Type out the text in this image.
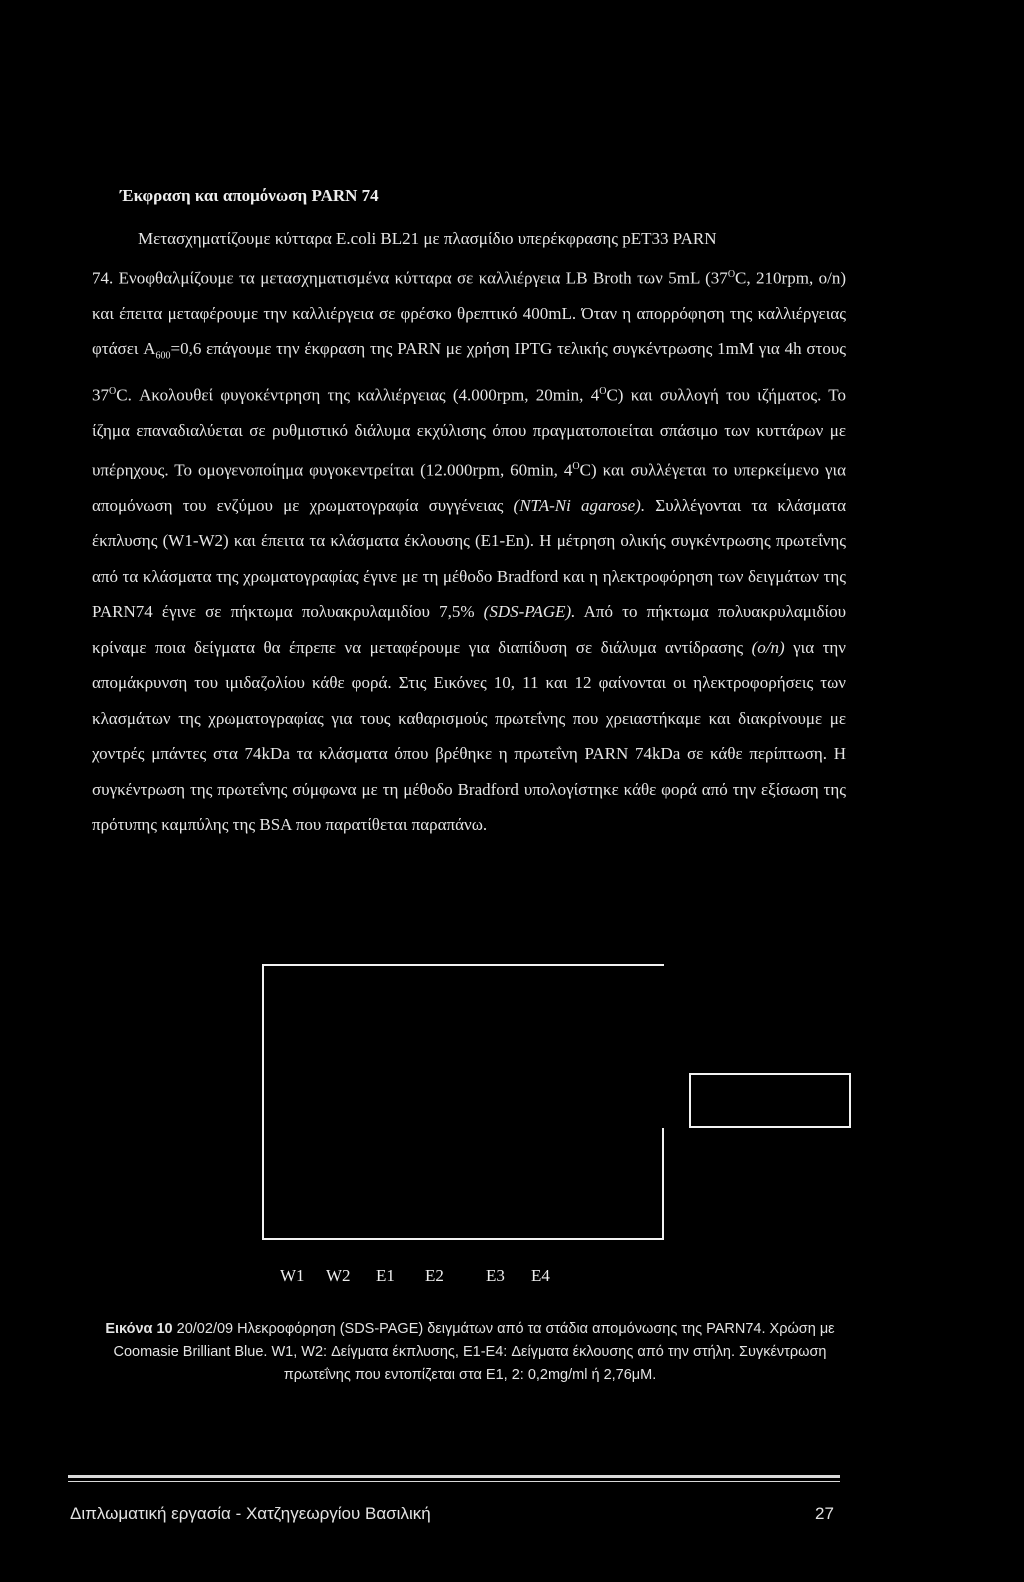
Έκφραση και απομόνωση PARN 74
Μετασχηματίζουμε κύτταρα E.coli BL21 με πλασμίδιο υπερέκφρασης pET33 PARN
74. Ενοφθαλμίζουμε τα μετασχηματισμένα κύτταρα σε καλλιέργεια LB Broth των 5mL ($37^OC$, 210rpm, o/n) και έπειτα μεταφέρουμε την καλλιέργεια σε φρέσκο θρεπτικό 400mL. Όταν η απορρόφηση της καλλιέργειας φτάσει $A_{600}=0,6$ επάγουμε την έκφραση της PARN με χρήση IPTG τελικής συγκέντρωσης 1mM για 4h στους $37^OC$. Ακολουθεί φυγοκέντρηση της καλλιέργειας (4.000rpm, 20min, $4^OC$) και συλλογή του ιζήματος. Το ίζημα επαναδιαλύεται σε ρυθμιστικό διάλυμα εκχύλισης όπου πραγματοποιείται σπάσιμο των κυττάρων με υπέρηχους. Το ομογενοποίημα φυγοκεντρείται (12.000rpm, 60min, $4^OC$) και συλλέγεται το υπερκείμενο για απομόνωση του ενζύμου με χρωματογραφία συγγένειας (NTA-Ni agarose). Συλλέγονται τα κλάσματα έκπλυσης (W1-W2) και έπειτα τα κλάσματα έκλουσης (E1-En). Η μέτρηση ολικής συγκέντρωσης πρωτεΐνης από τα κλάσματα της χρωματογραφίας έγινε με τη μέθοδο Bradford και η ηλεκτροφόρηση των δειγμάτων της PARN74 έγινε σε πήκτωμα πολυακρυλαμιδίου 7,5% (SDS-PAGE). Από το πήκτωμα πολυακρυλαμιδίου κρίναμε ποια δείγματα θα έπρεπε να μεταφέρουμε για διαπίδυση σε διάλυμα αντίδρασης (o/n) για την απομάκρυνση του ιμιδαζολίου κάθε φορά. Στις Εικόνες 10, 11 και 12 φαίνονται οι ηλεκτροφορήσεις των κλασμάτων της χρωματογραφίας για τους καθαρισμούς πρωτεΐνης που χρειαστήκαμε και διακρίνουμε με χοντρές μπάντες στα 74kDa τα κλάσματα όπου βρέθηκε η πρωτεΐνη PARN 74kDa σε κάθε περίπτωση. Η συγκέντρωση της πρωτεΐνης σύμφωνα με τη μέθοδο Bradford υπολογίστηκε κάθε φορά από την εξίσωση της πρότυπης καμπύλης της BSA που παρατίθεται παραπάνω.
W1 W2 E1 E2 E3 E4
Εικόνα 10 20/02/09 Ηλεκροφόρηση (SDS-PAGE) δειγμάτων από τα στάδια απομόνωσης της PARN74. Χρώση με Coomasie Brilliant Blue. W1, W2: Δείγματα έκπλυσης, E1-E4: Δείγματα έκλουσης από την στήλη. Συγκέντρωση πρωτεΐνης που εντοπίζεται στα E1, 2: 0,2mg/ml ή 2,76μM.
Διπλωματική εργασία - Χατζηγεωργίου Βασιλική	27
